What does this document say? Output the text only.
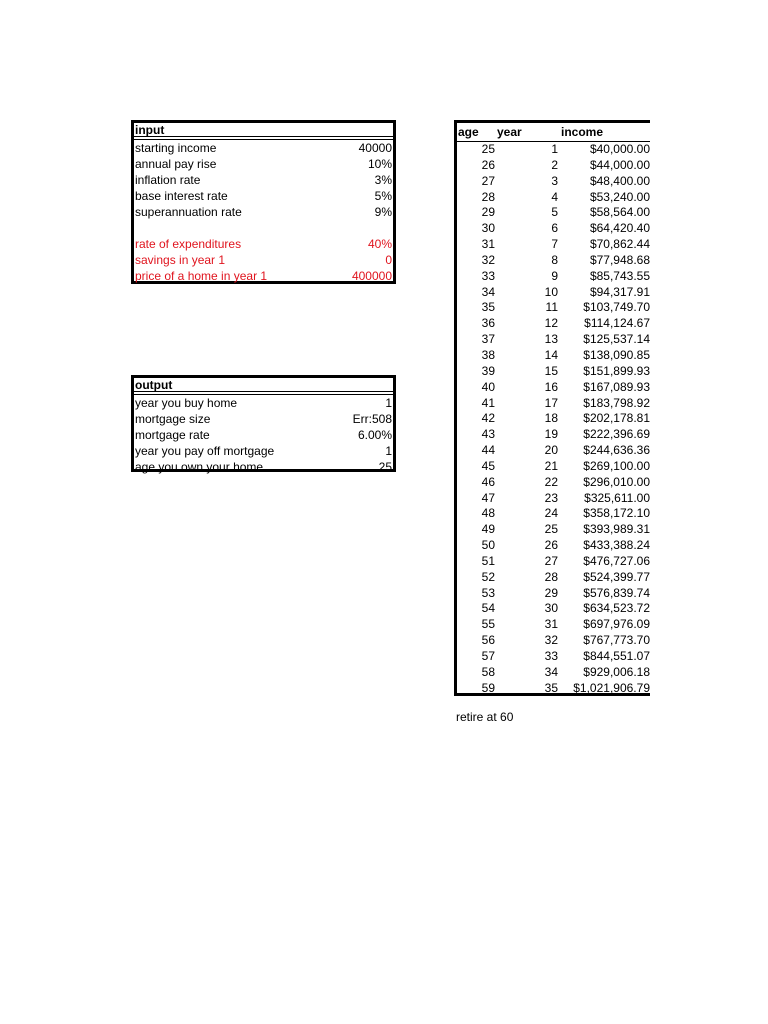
input
starting income	40000
annual pay rise	10%
inflation rate	3%
base interest rate	5%
superannuation rate	9%
rate of expenditures	40%
savings in year 1	0
price of a home in year 1	400000
output
year you buy home	1
mortgage size	Err:508
mortgage rate	6.00%
year you pay off mortgage	1
age you own your home	25
age year	income
25	1	$40,000.00
26	2	$44,000.00
27	3	$48,400.00
28	4	$53,240.00
29	5	$58,564.00
30	6	$64,420.40
31	7	$70,862.44
32	8	$77,948.68
33	9	$85,743.55
34	10	$94,317.91
35	11	$103,749.70
36	12	$114,124.67
37	13	$125,537.14
38	14	$138,090.85
39	15	$151,899.93
40	16	$167,089.93
41	17	$183,798.92
42	18	$202,178.81
43	19	$222,396.69
44	20	$244,636.36
45	21	$269,100.00
46	22	$296,010.00
47	23	$325,611.00
48	24	$358,172.10
49	25	$393,989.31
50	26	$433,388.24
51	27	$476,727.06
52	28	$524,399.77
53	29	$576,839.74
54	30	$634,523.72
55	31	$697,976.09
56	32	$767,773.70
57	33	$844,551.07
58	34	$929,006.18
59	35	$1,021,906.79
retire at 60
